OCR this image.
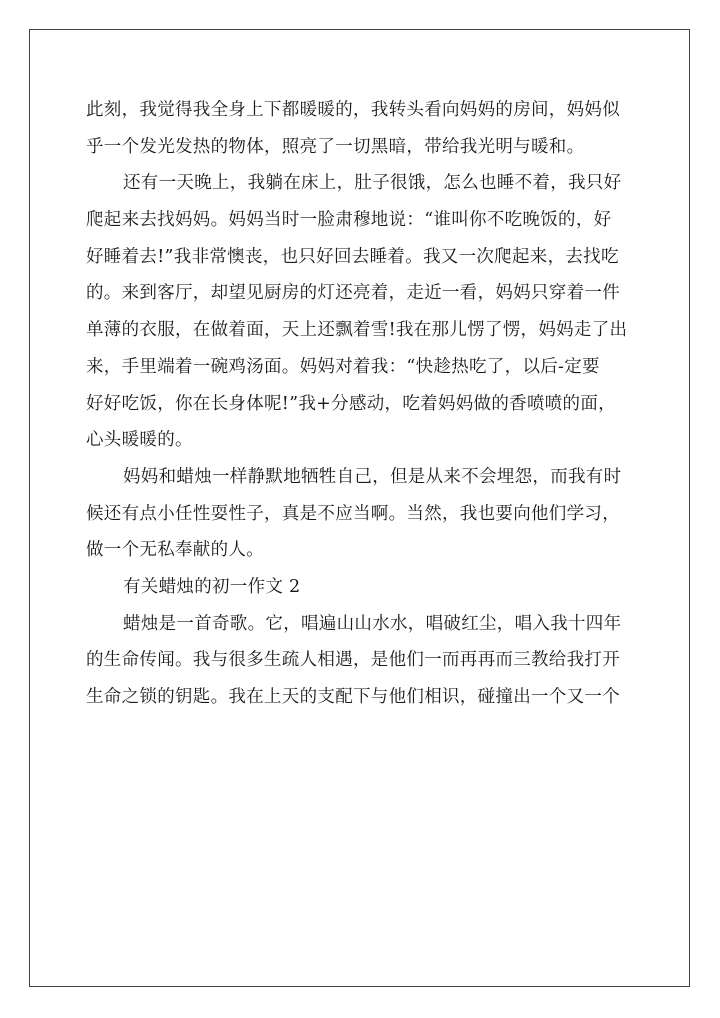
此刻，我觉得我全身上下都暖暖的，我转头看向妈妈的房间，妈妈似
乎一个发光发热的物体，照亮了一切黑暗，带给我光明与暖和。
还有一天晚上，我躺在床上，肚子很饿，怎么也睡不着，我只好
爬起来去找妈妈。妈妈当时一脸肃穆地说：“谁叫你不吃晚饭的，好
好睡着去!”我非常懊丧，也只好回去睡着。我又一次爬起来，去找吃
的。来到客厅，却望见厨房的灯还亮着，走近一看，妈妈只穿着一件
单薄的衣服，在做着面，天上还飘着雪!我在那儿愣了愣，妈妈走了出
来，手里端着一碗鸡汤面。妈妈对着我：“快趁热吃了，以后-定要
好好吃饭，你在长身体呢!”我+分感动，吃着妈妈做的香喷喷的面，
心头暖暖的。
妈妈和蜡烛一样静默地牺牲自己，但是从来不会埋怨，而我有时
候还有点小任性耍性子，真是不应当啊。当然，我也要向他们学习，
做一个无私奉献的人。
有关蜡烛的初一作文 2
蜡烛是一首奇歌。它，唱遍山山水水，唱破红尘，唱入我十四年
的生命传闻。我与很多生疏人相遇，是他们一而再再而三教给我打开
生命之锁的钥匙。我在上天的支配下与他们相识，碰撞出一个又一个
